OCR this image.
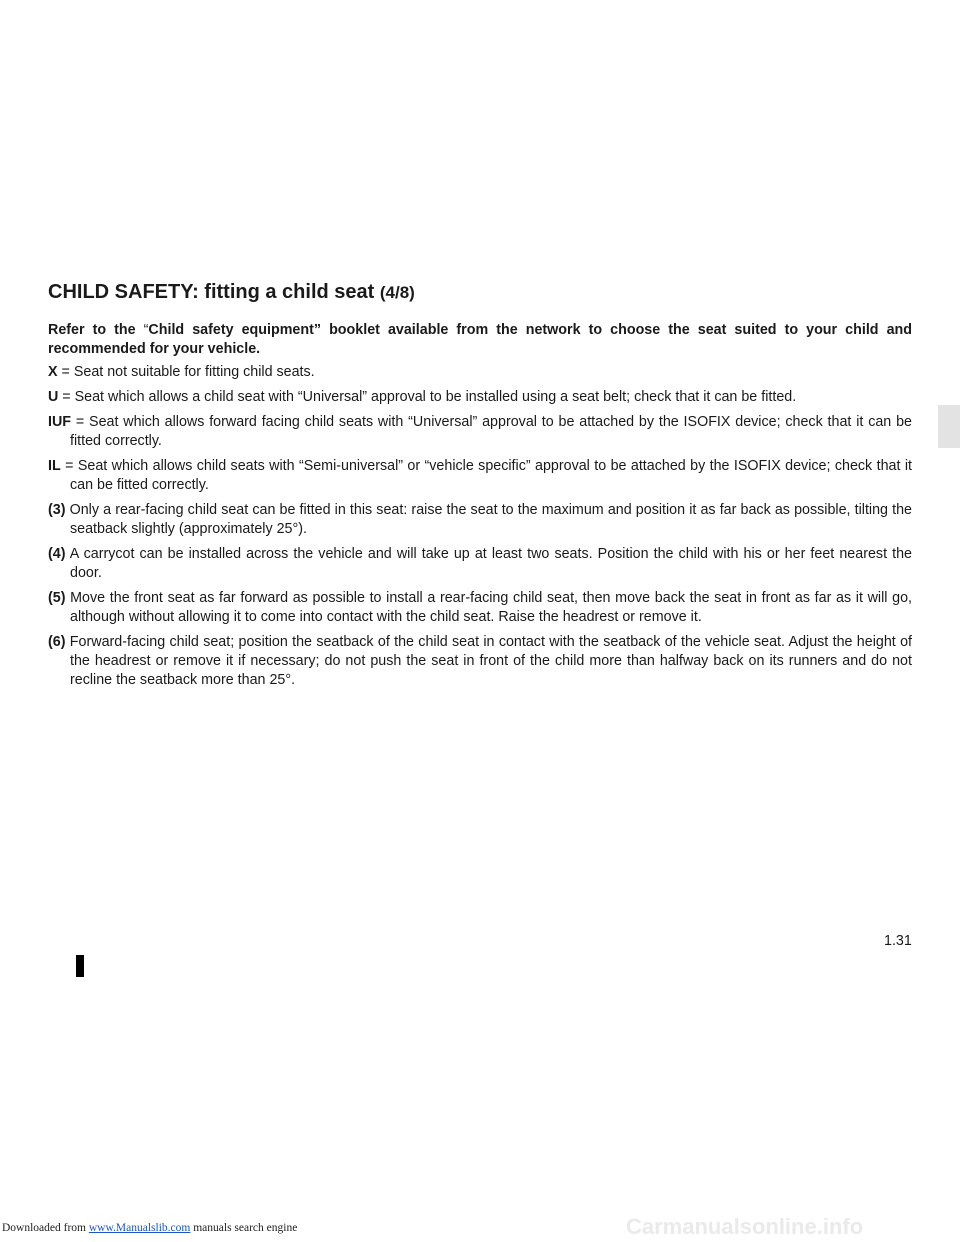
CHILD SAFETY: fitting a child seat (4/8)

Refer to the “Child safety equipment” booklet available from the network to choose the seat suited to your child and recommended for your vehicle.

X = Seat not suitable for fitting child seats.

U = Seat which allows a child seat with “Universal” approval to be installed using a seat belt; check that it can be fitted.

IUF = Seat which allows forward facing child seats with “Universal” approval to be attached by the ISOFIX device; check that it can be fitted correctly.

IL = Seat which allows child seats with “Semi-universal” or “vehicle specific” approval to be attached by the ISOFIX device; check that it can be fitted correctly.

(3) Only a rear-facing child seat can be fitted in this seat: raise the seat to the maximum and position it as far back as possible, tilting the seatback slightly (approximately 25°).

(4) A carrycot can be installed across the vehicle and will take up at least two seats. Position the child with his or her feet nearest the door.

(5) Move the front seat as far forward as possible to install a rear-facing child seat, then move back the seat in front as far as it will go, although without allowing it to come into contact with the child seat. Raise the headrest or remove it.

(6) Forward-facing child seat; position the seatback of the child seat in contact with the seatback of the vehicle seat. Adjust the height of the headrest or remove it if necessary; do not push the seat in front of the child more than halfway back on its runners and do not recline the seatback more than 25°.

1.31
Downloaded from www.Manualslib.com manuals search engine	Carmanualsonline.info
